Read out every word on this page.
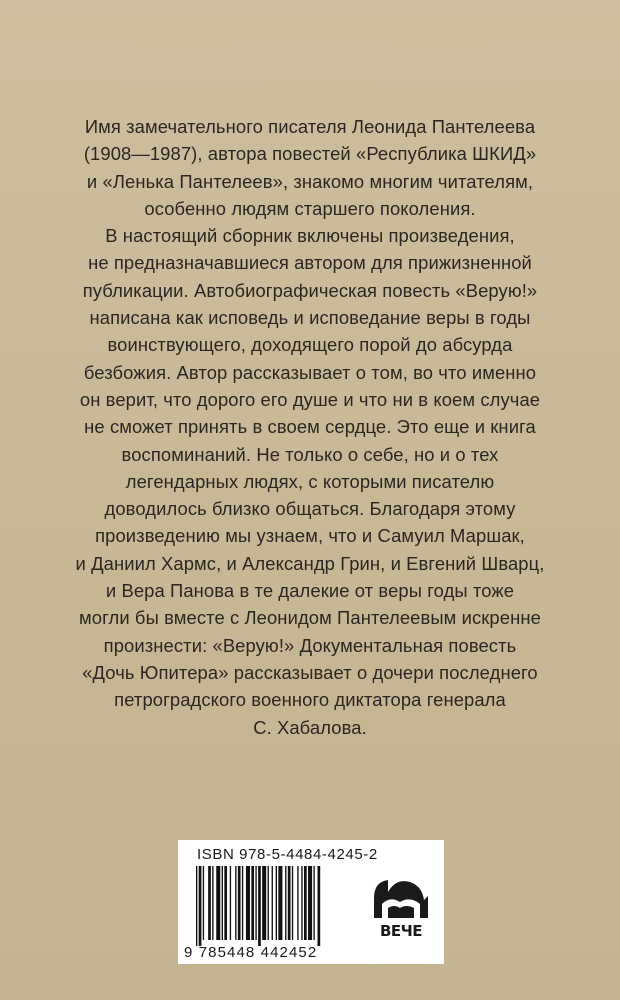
Имя замечательного писателя Леонида Пантелеева
(1908—1987), автора повестей «Республика ШКИД»
и «Ленька Пантелеев», знакомо многим читателям,
особенно людям старшего поколения.
В настоящий сборник включены произведения,
не предназначавшиеся автором для прижизненной
публикации. Автобиографическая повесть «Верую!»
написана как исповедь и исповедание веры в годы
воинствующего, доходящего порой до абсурда
безбожия. Автор рассказывает о том, во что именно
он верит, что дорого его душе и что ни в коем случае
не сможет принять в своем сердце. Это еще и книга
воспоминаний. Не только о себе, но и о тех
легендарных людях, с которыми писателю
доводилось близко общаться. Благодаря этому
произведению мы узнаем, что и Самуил Маршак,
и Даниил Хармс, и Александр Грин, и Евгений Шварц,
и Вера Панова в те далекие от веры годы тоже
могли бы вместе с Леонидом Пантелеевым искренне
произнести: «Верую!» Документальная повесть
«Дочь Юпитера» рассказывает о дочери последнего
петроградского военного диктатора генерала
С. Хабалова.
ISBN 978-5-4484-4245-2
9 785448 442452
ВЕЧЕ
